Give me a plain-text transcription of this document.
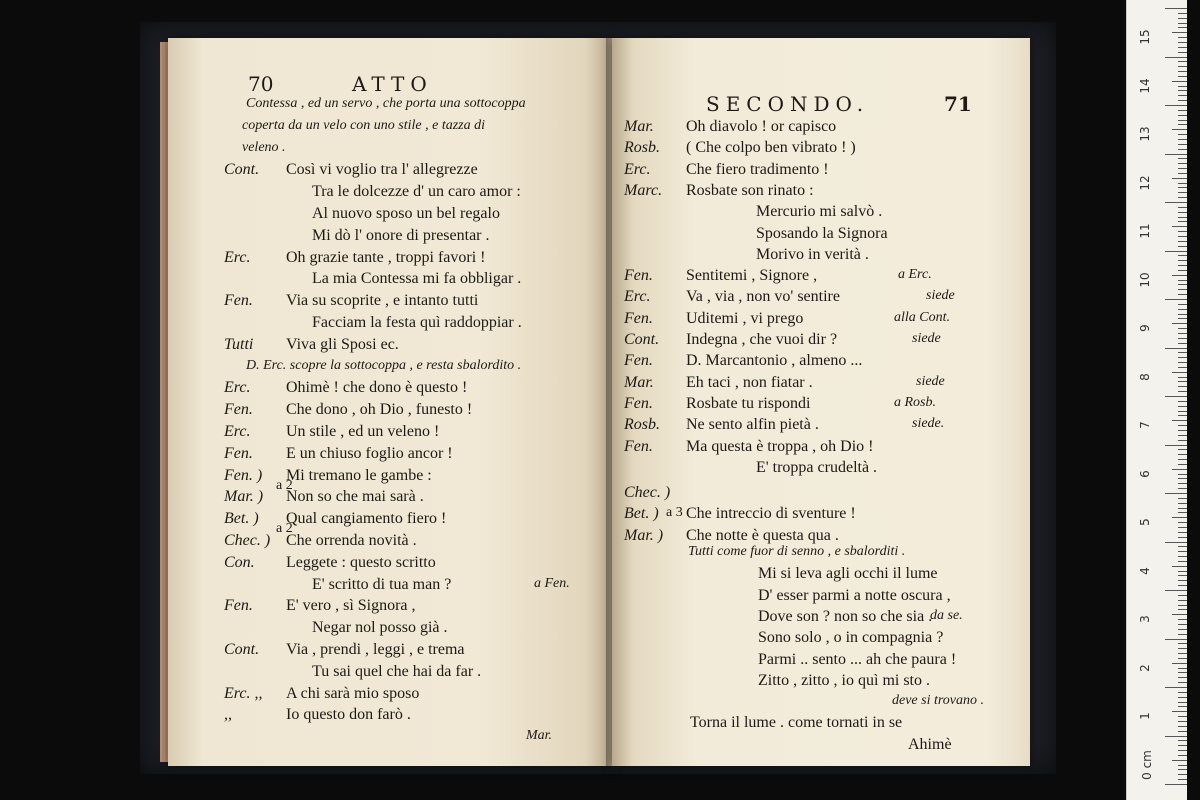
70	ATTO
Contessa , ed un servo , che porta una sottocoppa
coperta da un velo con uno stile , e tazza di
veleno .
Cont. Così vi voglio tra l' allegrezze
Tra le dolcezze d' un caro amor :
Al nuovo sposo un bel regalo
Mi dò l' onore di presentar .
Erc. Oh grazie tante , troppi favori !
La mia Contessa mi fa obbligar .
Fen. Via su scoprite , e intanto tutti
Facciam la festa quì raddoppiar .
Tutti Viva gli Sposi ec.
D. Erc. scopre la sottocoppa , e resta sbalordito .
Erc. Ohimè ! che dono è questo !
Fen. Che dono , oh Dio , funesto !
Erc. Un stile , ed un veleno !
Fen. E un chiuso foglio ancor !
Fen. ) Mi tremano le gambe :
Mar. ) Non so che mai sarà .
Bet. ) Qual cangiamento fiero !
Chec. ) Che orrenda novità .
Con. Leggete : questo scritto
E' scritto di tua man ?
Fen. E' vero , sì Signora ,
Negar nol posso già .
Cont. Via , prendi , leggi , e trema
Tu sai quel che hai da far .
Erc. ,, A chi sarà mio sposo
,,	Io questo don farò .
Mar.
a 2
a 2
a Fen.
SECONDO.	71
Mar. Oh diavolo ! or capisco
Rosb. ( Che colpo ben vibrato ! )
Erc. Che fiero tradimento !
Marc. Rosbate son rinato :
Mercurio mi salvò .
Sposando la Signora
Morivo in verità .
Fen. Sentitemi , Signore ,
Erc. Va , via , non vo' sentire
Fen. Uditemi , vi prego
Cont. Indegna , che vuoi dir ?
Fen. D. Marcantonio , almeno ...
Mar. Eh taci , non fiatar .
Fen. Rosbate tu rispondi
Rosb. Ne sento alfin pietà .
Fen. Ma questa è troppa , oh Dio !
E' troppa crudeltà .
Chec. )
Bet. ) Che intreccio di sventure !
Mar. ) Che notte è questa qua .
Tutti come fuor di senno , e sbalorditi .
Mi si leva agli occhi il lume
D' esser parmi a notte oscura ,
Dove son ? non so che sia .
Sono solo , o in compagnia ?
Parmi .. sento ... ah che paura !
Zitto , zitto , io quì mi sto .
deve si trovano .
Torna il lume . come tornati in se
Ahimè
a Erc.
siede
alla Cont.
siede
siede
a Rosb.
siede.
da se.
a 3
15
14
13
12
11
10
9
8
7
6
5
4
3
2
1
0 cm
